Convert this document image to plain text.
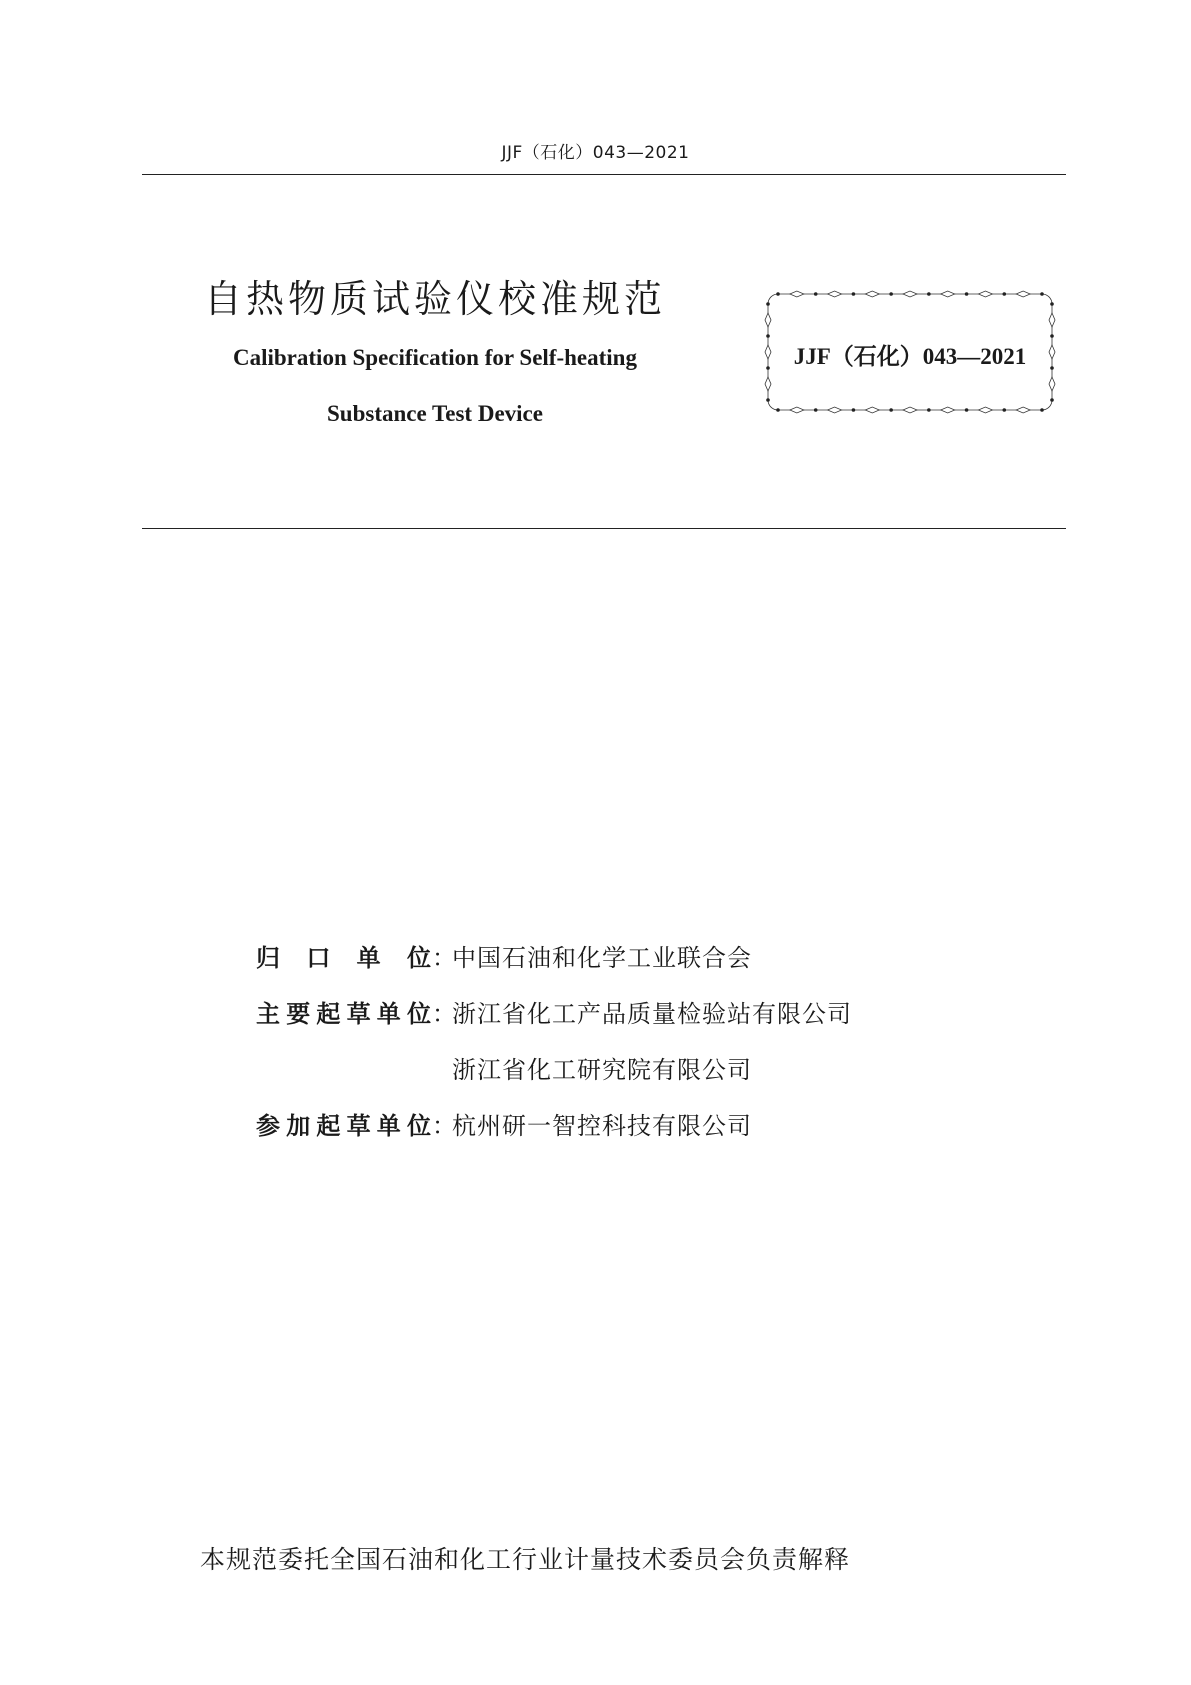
JJF（石化）043—2021
自热物质试验仪校准规范
Calibration Specification for Self-heating
Substance Test Device
JJF（石化）043—2021
归口单位 ：
中国石油和化学工业联合会
主要起草单位 ：
浙江省化工产品质量检验站有限公司
浙江省化工研究院有限公司
参加起草单位 ：
杭州研一智控科技有限公司
本规范委托全国石油和化工行业计量技术委员会负责解释
